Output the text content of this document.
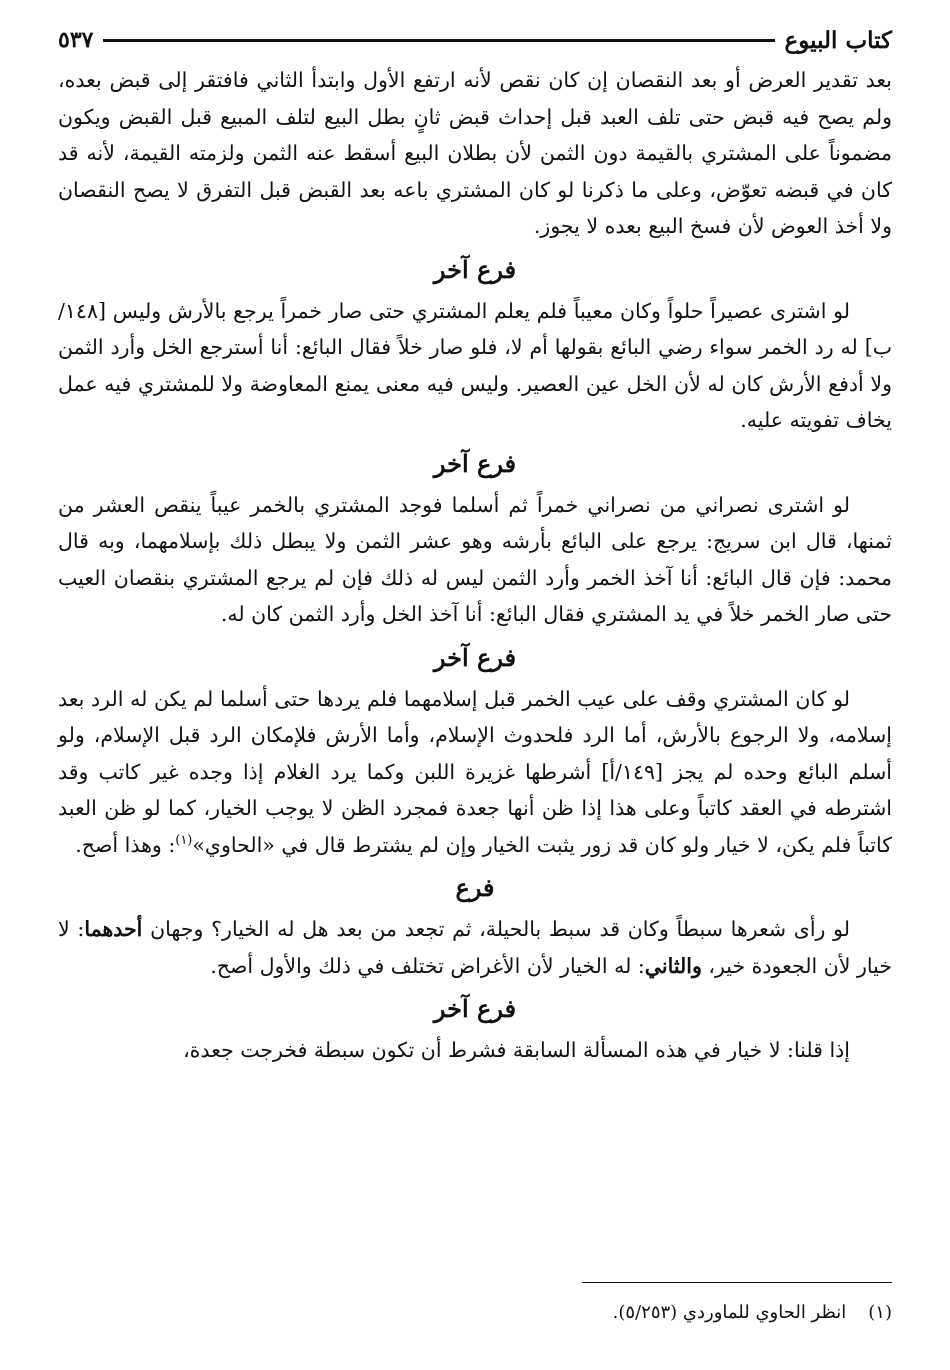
كتاب البيوع
٥٣٧

بعد تقدير العرض أو بعد النقصان إن كان نقص لأنه ارتفع الأول وابتدأ الثاني فافتقر إلى قبض بعده، ولم يصح فيه قبض حتى تلف العبد قبل إحداث قبض ثانٍ بطل البيع لتلف المبيع قبل القبض ويكون مضموناً على المشتري بالقيمة دون الثمن لأن بطلان البيع أسقط عنه الثمن ولزمته القيمة، لأنه قد كان في قبضه تعوّض، وعلى ما ذكرنا لو كان المشتري باعه بعد القبض قبل التفرق لا يصح النقصان ولا أخذ العوض لأن فسخ البيع بعده لا يجوز.

فرع آخر

لو اشترى عصيراً حلواً وكان معيباً فلم يعلم المشتري حتى صار خمراً يرجع بالأرش وليس [١٤٨/ب] له رد الخمر سواء رضي البائع بقولها أم لا، فلو صار خلاً فقال البائع: أنا أسترجع الخل وأرد الثمن ولا أدفع الأرش كان له لأن الخل عين العصير. وليس فيه معنى يمنع المعاوضة ولا للمشتري فيه عمل يخاف تفويته عليه.

فرع آخر

لو اشترى نصراني من نصراني خمراً ثم أسلما فوجد المشتري بالخمر عيباً ينقص العشر من ثمنها، قال ابن سريج: يرجع على البائع بأرشه وهو عشر الثمن ولا يبطل ذلك بإسلامهما، وبه قال محمد: فإن قال البائع: أنا آخذ الخمر وأرد الثمن ليس له ذلك فإن لم يرجع المشتري بنقصان العيب حتى صار الخمر خلاً في يد المشتري فقال البائع: أنا آخذ الخل وأرد الثمن كان له.

فرع آخر

لو كان المشتري وقف على عيب الخمر قبل إسلامهما فلم يردها حتى أسلما لم يكن له الرد بعد إسلامه، ولا الرجوع بالأرش، أما الرد فلحدوث الإسلام، وأما الأرش فلإمكان الرد قبل الإسلام، ولو أسلم البائع وحده لم يجز [١٤٩/أ] أشرطها غزيرة اللبن وكما يرد الغلام إذا وجده غير كاتب وقد اشترطه في العقد كاتباً وعلى هذا إذا ظن أنها جعدة فمجرد الظن لا يوجب الخيار، كما لو ظن العبد كاتباً فلم يكن، لا خيار ولو كان قد زور يثبت الخيار وإن لم يشترط قال في «الحاوي»$^{(١)}$: وهذا أصح.

فرع

لو رأى شعرها سبطاً وكان قد سبط بالحيلة، ثم تجعد من بعد هل له الخيار؟ وجهان أحدهما: لا خيار لأن الجعودة خير، والثاني: له الخيار لأن الأغراض تختلف في ذلك والأول أصح.

فرع آخر

إذا قلنا: لا خيار في هذه المسألة السابقة فشرط أن تكون سبطة فخرجت جعدة،

(١)انظر الحاوي للماوردي (٥/٢٥٣).
